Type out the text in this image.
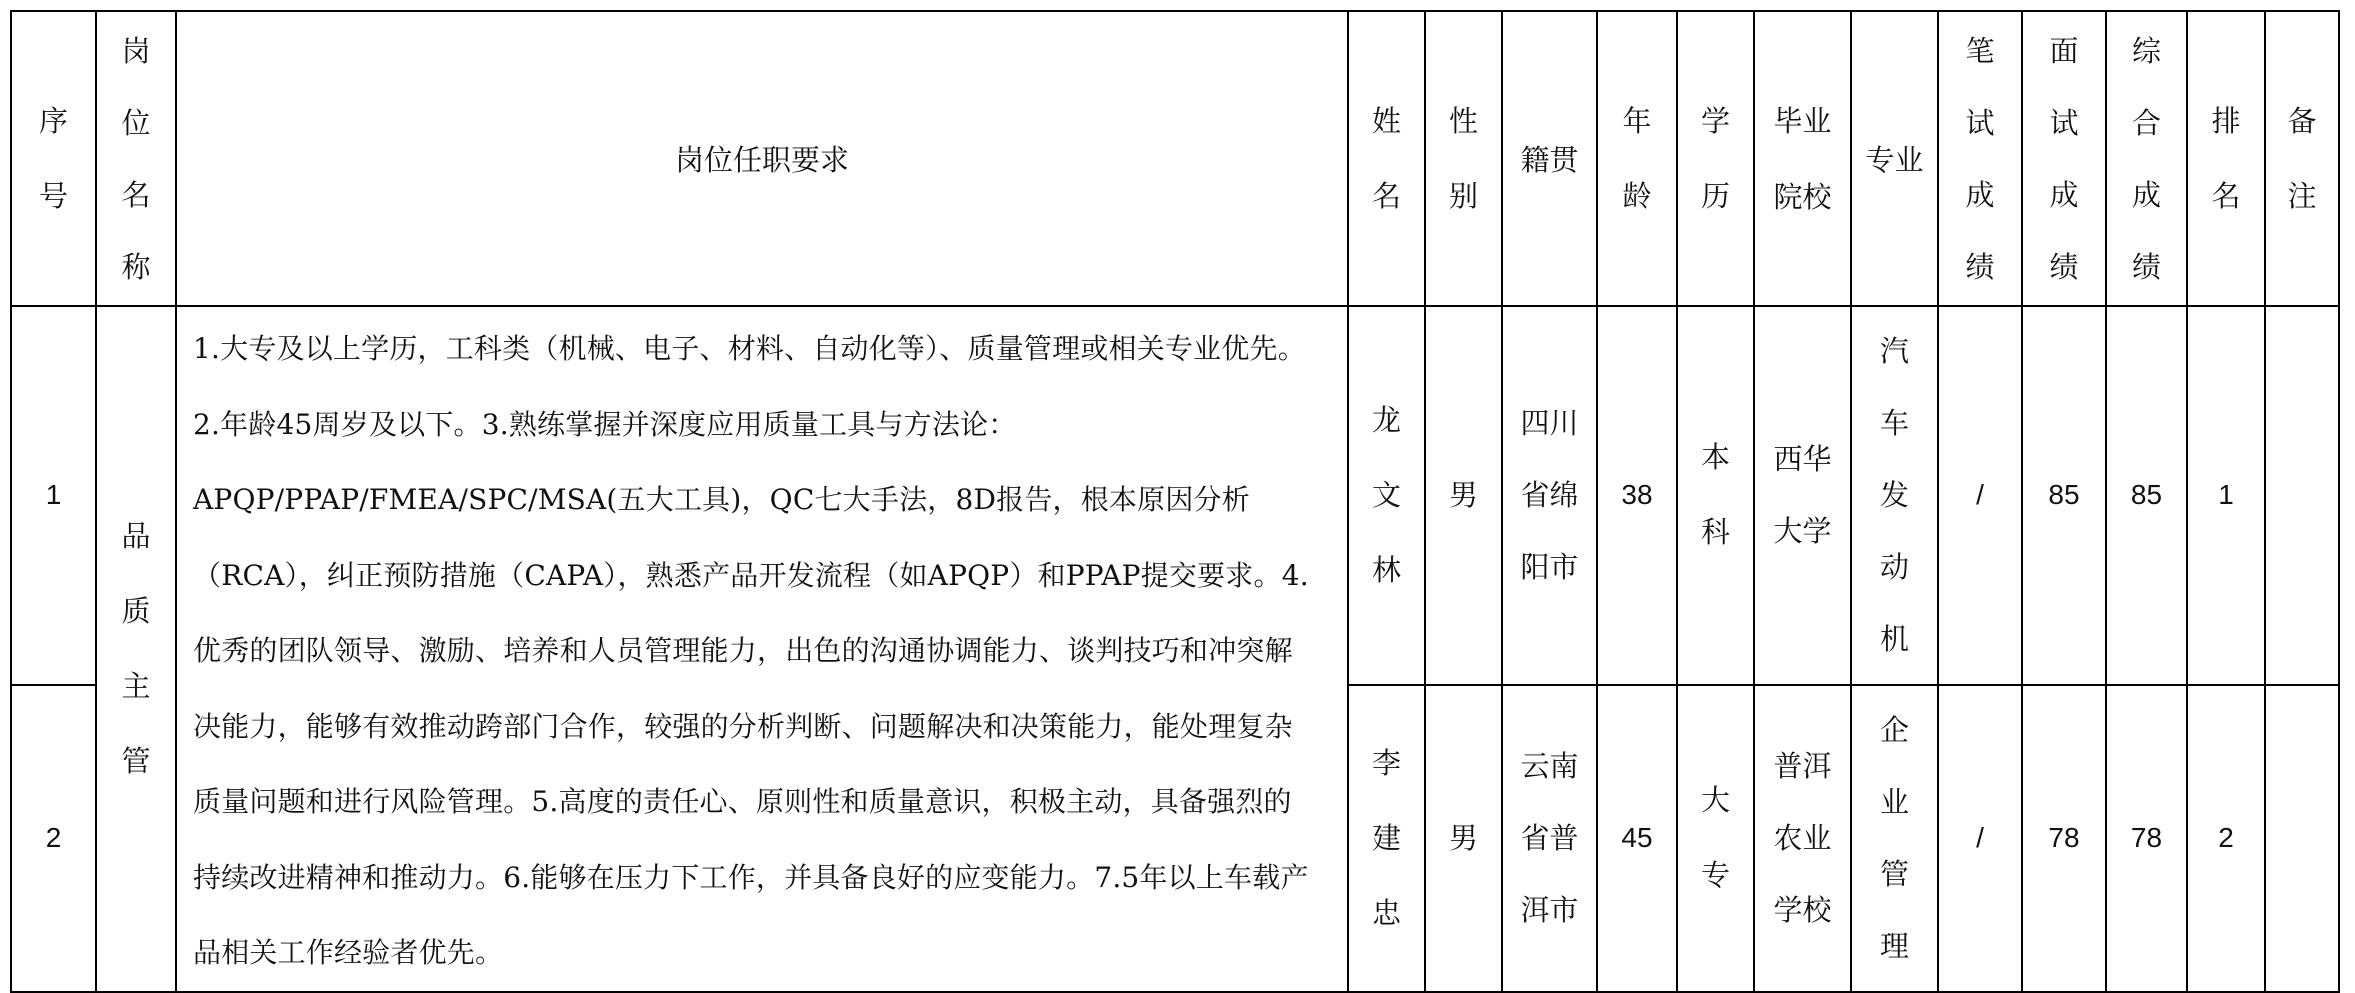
序号	岗位名称	岗位任职要求	姓名	性别	籍贯	年龄	学历	毕业院校	专业	笔试成绩	面试成绩	综合成绩	排名	备注
1	品质主管	1.大专及以上学历，工科类（机械、电子、材料、自动化等）、质量管理或相关专业优先。2.年龄45周岁及以下。3.熟练掌握并深度应用质量工具与方法论：APQP/PPAP/FMEA/SPC/MSA(五大工具)，QC七大手法，8D报告，根本原因分析（RCA），纠正预防措施（CAPA），熟悉产品开发流程（如APQP）和PPAP提交要求。4.优秀的团队领导、激励、培养和人员管理能力，出色的沟通协调能力、谈判技巧和冲突解决能力，能够有效推动跨部门合作，较强的分析判断、问题解决和决策能力，能处理复杂质量问题和进行风险管理。5.高度的责任心、原则性和质量意识，积极主动，具备强烈的持续改进精神和推动力。6.能够在压力下工作，并具备良好的应变能力。7.5年以上车载产品相关工作经验者优先。	龙文林	男	四川省绵阳市	38	本科	西华大学	汽车发动机	/	85	85	1	
2			李建忠	男	云南省普洱市	45	大专	普洱农业学校	企业管理	/	78	78	2	
